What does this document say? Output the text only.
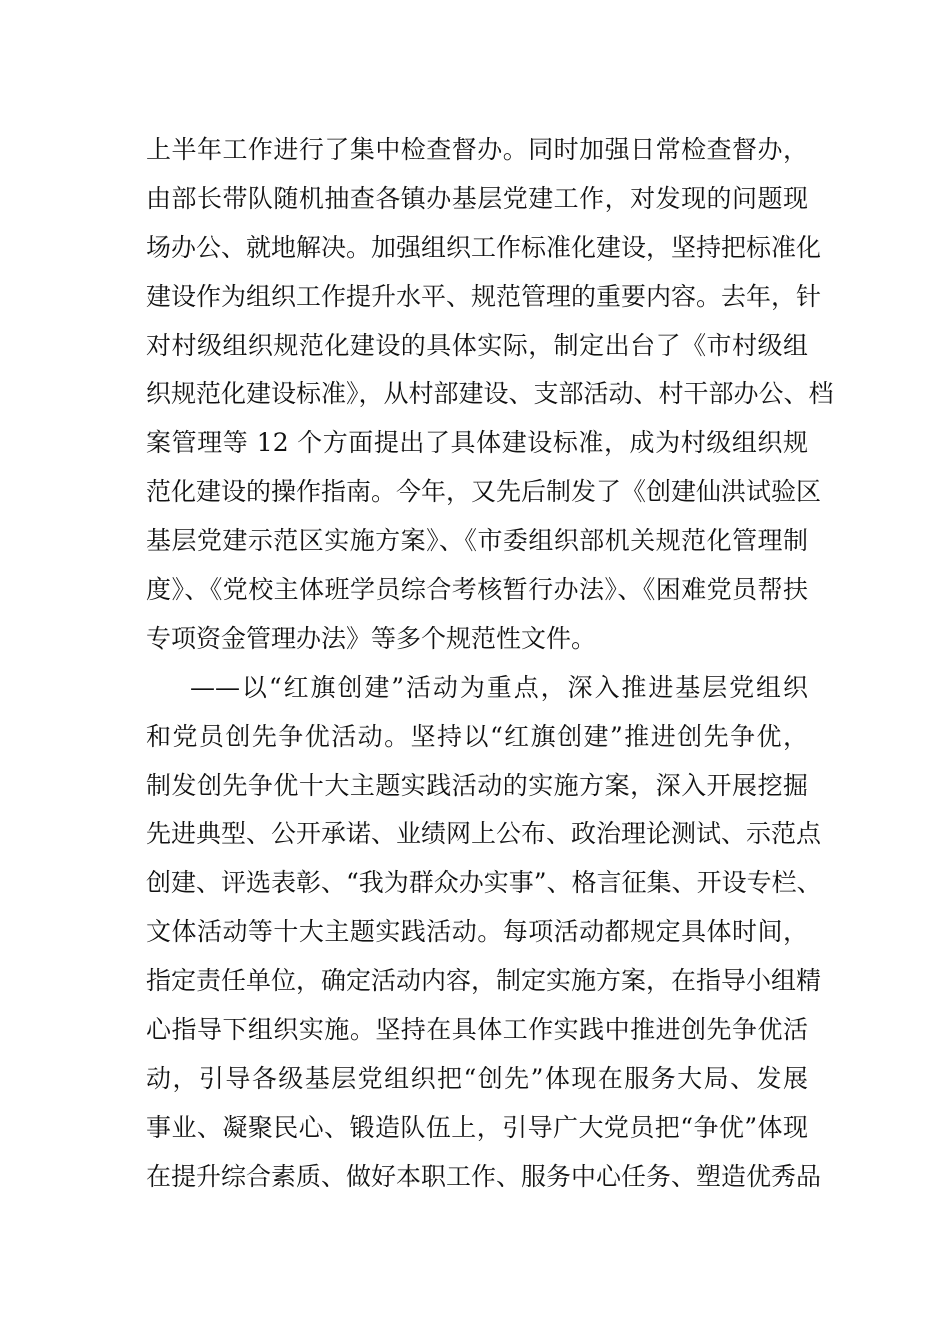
上半年工作进行了集中检查督办。同时加强日常检查督办，
由部长带队随机抽查各镇办基层党建工作，对发现的问题现
场办公、就地解决。加强组织工作标准化建设，坚持把标准化
建设作为组织工作提升水平、规范管理的重要内容。去年，针
对村级组织规范化建设的具体实际，制定出台了《市村级组
织规范化建设标准》，从村部建设、支部活动、村干部办公、档
案管理等 12 个方面提出了具体建设标准，成为村级组织规
范化建设的操作指南。今年，又先后制发了《创建仙洪试验区
基层党建示范区实施方案》、《市委组织部机关规范化管理制
度》、《党校主体班学员综合考核暂行办法》、《困难党员帮扶
专项资金管理办法》等多个规范性文件。
——以“红旗创建”活动为重点，深入推进基层党组织
和党员创先争优活动。坚持以“红旗创建”推进创先争优，
制发创先争优十大主题实践活动的实施方案，深入开展挖掘
先进典型、公开承诺、业绩网上公布、政治理论测试、示范点
创建、评选表彰、“我为群众办实事”、格言征集、开设专栏、
文体活动等十大主题实践活动。每项活动都规定具体时间，
指定责任单位，确定活动内容，制定实施方案，在指导小组精
心指导下组织实施。坚持在具体工作实践中推进创先争优活
动，引导各级基层党组织把“创先”体现在服务大局、发展
事业、凝聚民心、锻造队伍上，引导广大党员把“争优”体现
在提升综合素质、做好本职工作、服务中心任务、塑造优秀品
